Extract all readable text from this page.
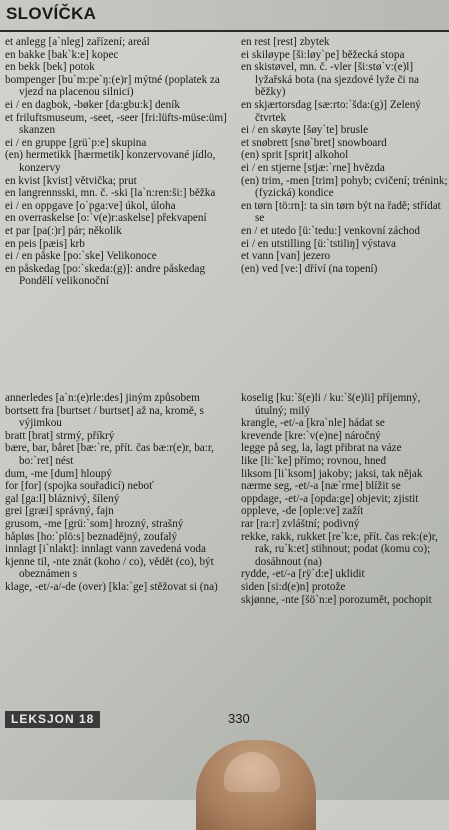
SLOVÍČKA

et anlegg [a`nleg] zařízení; areál

en bakke [bak`k:e] kopec

en bekk [bek] potok

bompenger [bu`m:pe`ŋ:(e)r] mýtné (poplatek za vjezd na placenou silnici)

ei / en dagbok, -bøker [da:gbu:k] deník

et friluftsmuseum, -seet, -seer [fri:lüfts-müse:üm] skanzen

ei / en gruppe [grü`p:e] skupina

(en) hermetikk [hærmetik] konzervované jídlo, konzervy

en kvist [kvist] větvička; prut

en langrennsski, mn. č. -ski [la`n:ren:ši:] běžka

ei / en oppgave [o`pga:ve] úkol, úloha

en overraskelse [o:`v(e)r:askelse] překvapení

et par [pa(:)r] pár; několik

en peis [pæis] krb

ei / en påske [po:`ske] Velikonoce

en påskedag [po:`skeda:(g)]: andre påskedag Pondělí velikonoční

en rest [rest] zbytek

ei skiløype [ši:løy`pe] běžecká stopa

en skistøvel, mn. č. -vler [ši:stø`v:(e)l] lyžařská bota (na sjezdové lyže či na běžky)

en skjærtorsdag [sæ:rto:`šda:(g)] Zelený čtvrtek

ei / en skøyte [šøy`te] brusle

et snøbrett [snø`bret] snowboard

(en) sprit [sprit] alkohol

ei / en stjerne [stjæ:`rne] hvězda

(en) trim, -men [trim] pohyb; cvičení; trénink; (fyzická) kondice

en tørn [tö:rn]: ta sin tørn být na řadě; střídat se

en / et utedo [ü:`tedu:] venkovní záchod

ei / en utstilling [ü:`tstiliŋ] výstava

et vann [van] jezero

(en) ved [ve:] dříví (na topení)

annerledes [a`n:(e)rle:des] jiným způsobem

bortsett fra [burtset / burtset] až na, kromě, s výjimkou

bratt [brat] strmý, příkrý

bære, bar, båret [bæ:`re, přít. čas bæ:r(e)r, ba:r, bo:`ret] nést

dum, -me [dum] hloupý

for [for] (spojka souřadicí) neboť

gal [ga:l] bláznivý, šílený

grei [græi] správný, fajn

grusom, -me [grü:`som] hrozný, strašný

håpløs [ho:`plö:s] beznadějný, zoufalý

innlagt [i`nlakt]: innlagt vann zavedená voda

kjenne til, -nte znát (koho / co), vědět (co), být obeznámen s

klage, -et/-a/-de (over) [kla:`ge] stěžovat si (na)

koselig [ku:`š(e)li / ku:`š(e)li] příjemný, útulný; milý

krangle, -et/-a [kra`nle] hádat se

krevende [kre:`v(e)ne] náročný

legge på seg, la, lagt přibrat na váze

like [li:`ke] přímo; rovnou, hned

liksom [li`ksom] jakoby; jaksi, tak nějak

nærme seg, -et/-a [næ`rme] blížit se

oppdage, -et/-a [opda:ge] objevit; zjistit

oppleve, -de [ople:ve] zažít

rar [ra:r] zvláštní; podivný

rekke, rakk, rukket [re`k:e, přít. čas rek:(e)r, rak, ru`k:et] stihnout; podat (komu co); dosáhnout (na)

rydde, -et/-a [rÿ`d:e] uklidit

siden [si:d(e)n] protože

skjønne, -nte [šö`n:e] porozumět, pochopit

LEKSJON 18	330
